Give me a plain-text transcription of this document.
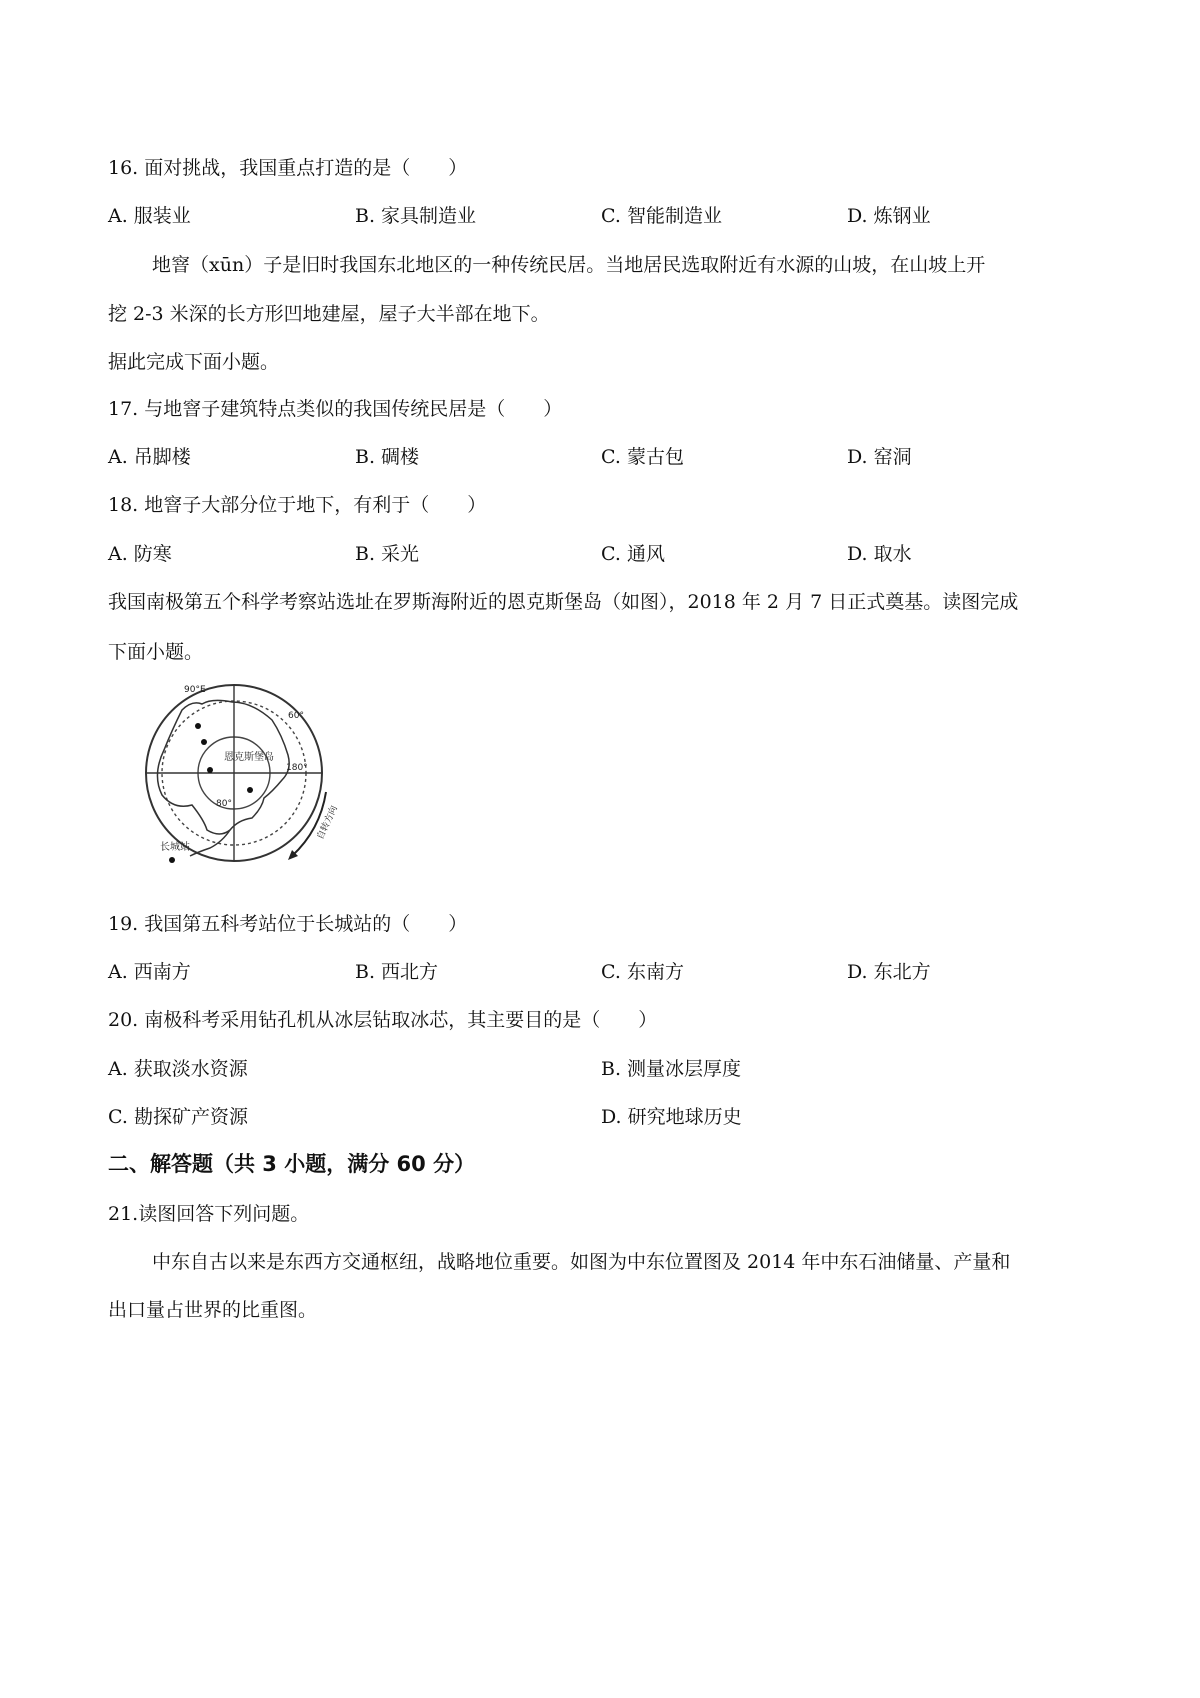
16. 面对挑战，我国重点打造的是（　　）
A. 服装业	B. 家具制造业	C. 智能制造业	D. 炼钢业
地窨（xūn）子是旧时我国东北地区的一种传统民居。当地居民选取附近有水源的山坡，在山坡上开
挖 2-3 米深的长方形凹地建屋，屋子大半部在地下。
据此完成下面小题。
17. 与地窨子建筑特点类似的我国传统民居是（　　）
A. 吊脚楼	B. 碉楼	C. 蒙古包	D. 窑洞
18. 地窨子大部分位于地下，有利于（　　）
A. 防寒	B. 采光	C. 通风	D. 取水
我国南极第五个科学考察站选址在罗斯海附近的恩克斯堡岛（如图），2018 年 2 月 7 日正式奠基。读图完成
下面小题。
90°E
60°
180°
80°
恩克斯堡岛
长城站
自转方向
19. 我国第五科考站位于长城站的（　　）
A. 西南方	B. 西北方	C. 东南方	D. 东北方
20. 南极科考采用钻孔机从冰层钻取冰芯，其主要目的是（　　）
A. 获取淡水资源	B. 测量冰层厚度
C. 勘探矿产资源	D. 研究地球历史
二、解答题（共 3 小题，满分 60 分）
21.读图回答下列问题。
中东自古以来是东西方交通枢纽，战略地位重要。如图为中东位置图及 2014 年中东石油储量、产量和
出口量占世界的比重图。
